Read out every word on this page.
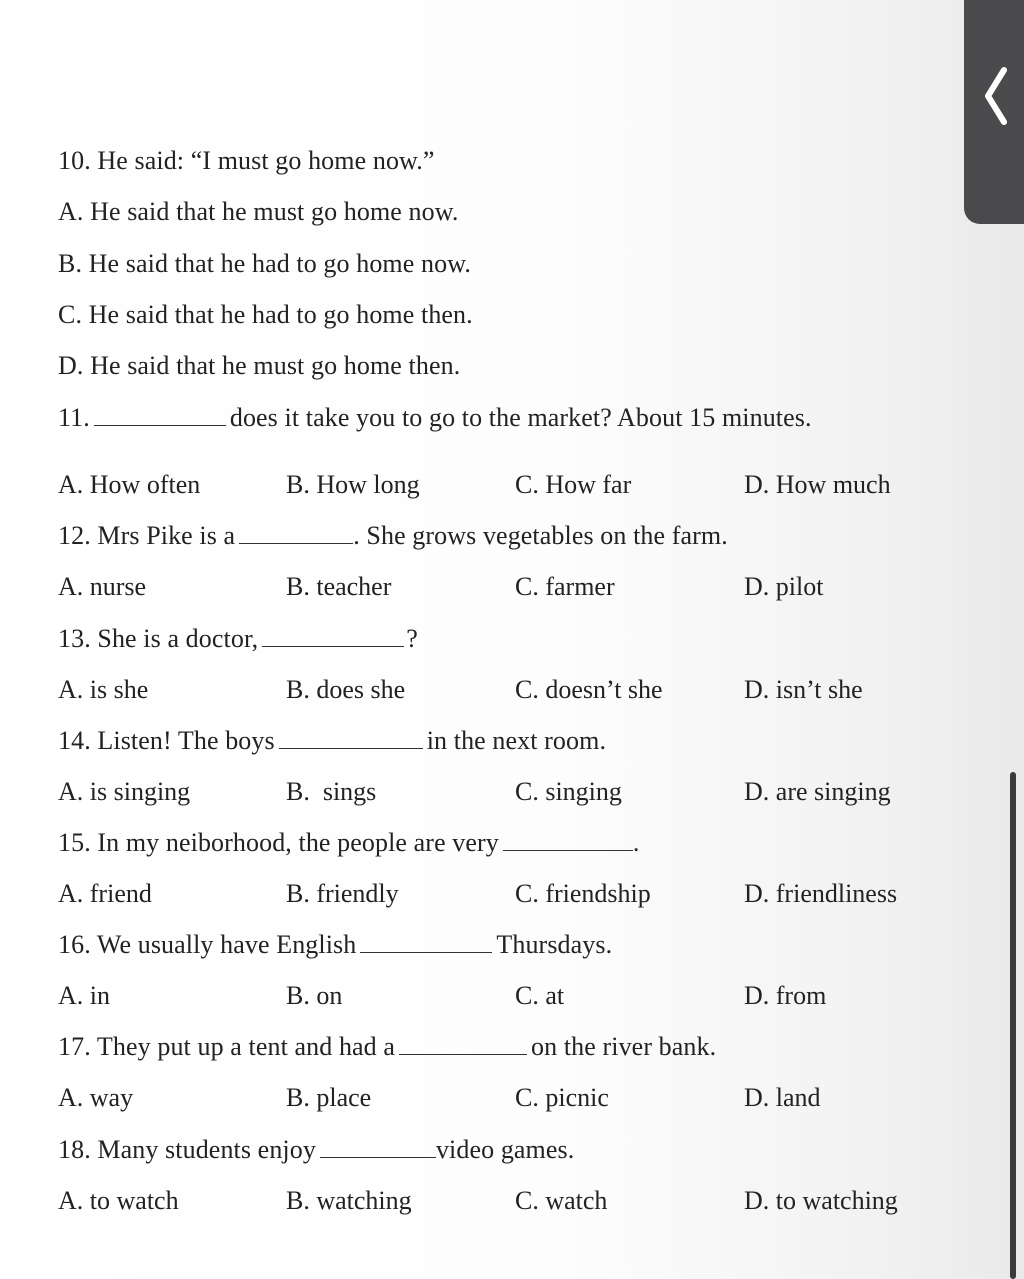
10. He said: “I must go home now.”
A. He said that he must go home now.
B. He said that he had to go home now.
C. He said that he had to go home then.
D. He said that he must go home then.
11.	does it take you to go to the market? About 15 minutes.
A. How often	B. How long	C. How far	D. How much
12. Mrs Pike is a	. She grows vegetables on the farm.
A. nurse	B. teacher	C. farmer	D. pilot
13. She is a doctor,	?
A. is she	B. does she	C. doesn’t she	D. isn’t she
14. Listen! The boys	in the next room.
A. is singing	B.  sings	C. singing	D. are singing
15. In my neiborhood, the people are very	.
A. friend	B. friendly	C. friendship	D. friendliness
16. We usually have English	Thursdays.
A. in	B. on	C. at	D. from
17. They put up a tent and had a	on the river bank.
A. way	B. place	C. picnic	D. land
18. Many students enjoy	video games.
A. to watch	B. watching	C. watch	D. to watching
